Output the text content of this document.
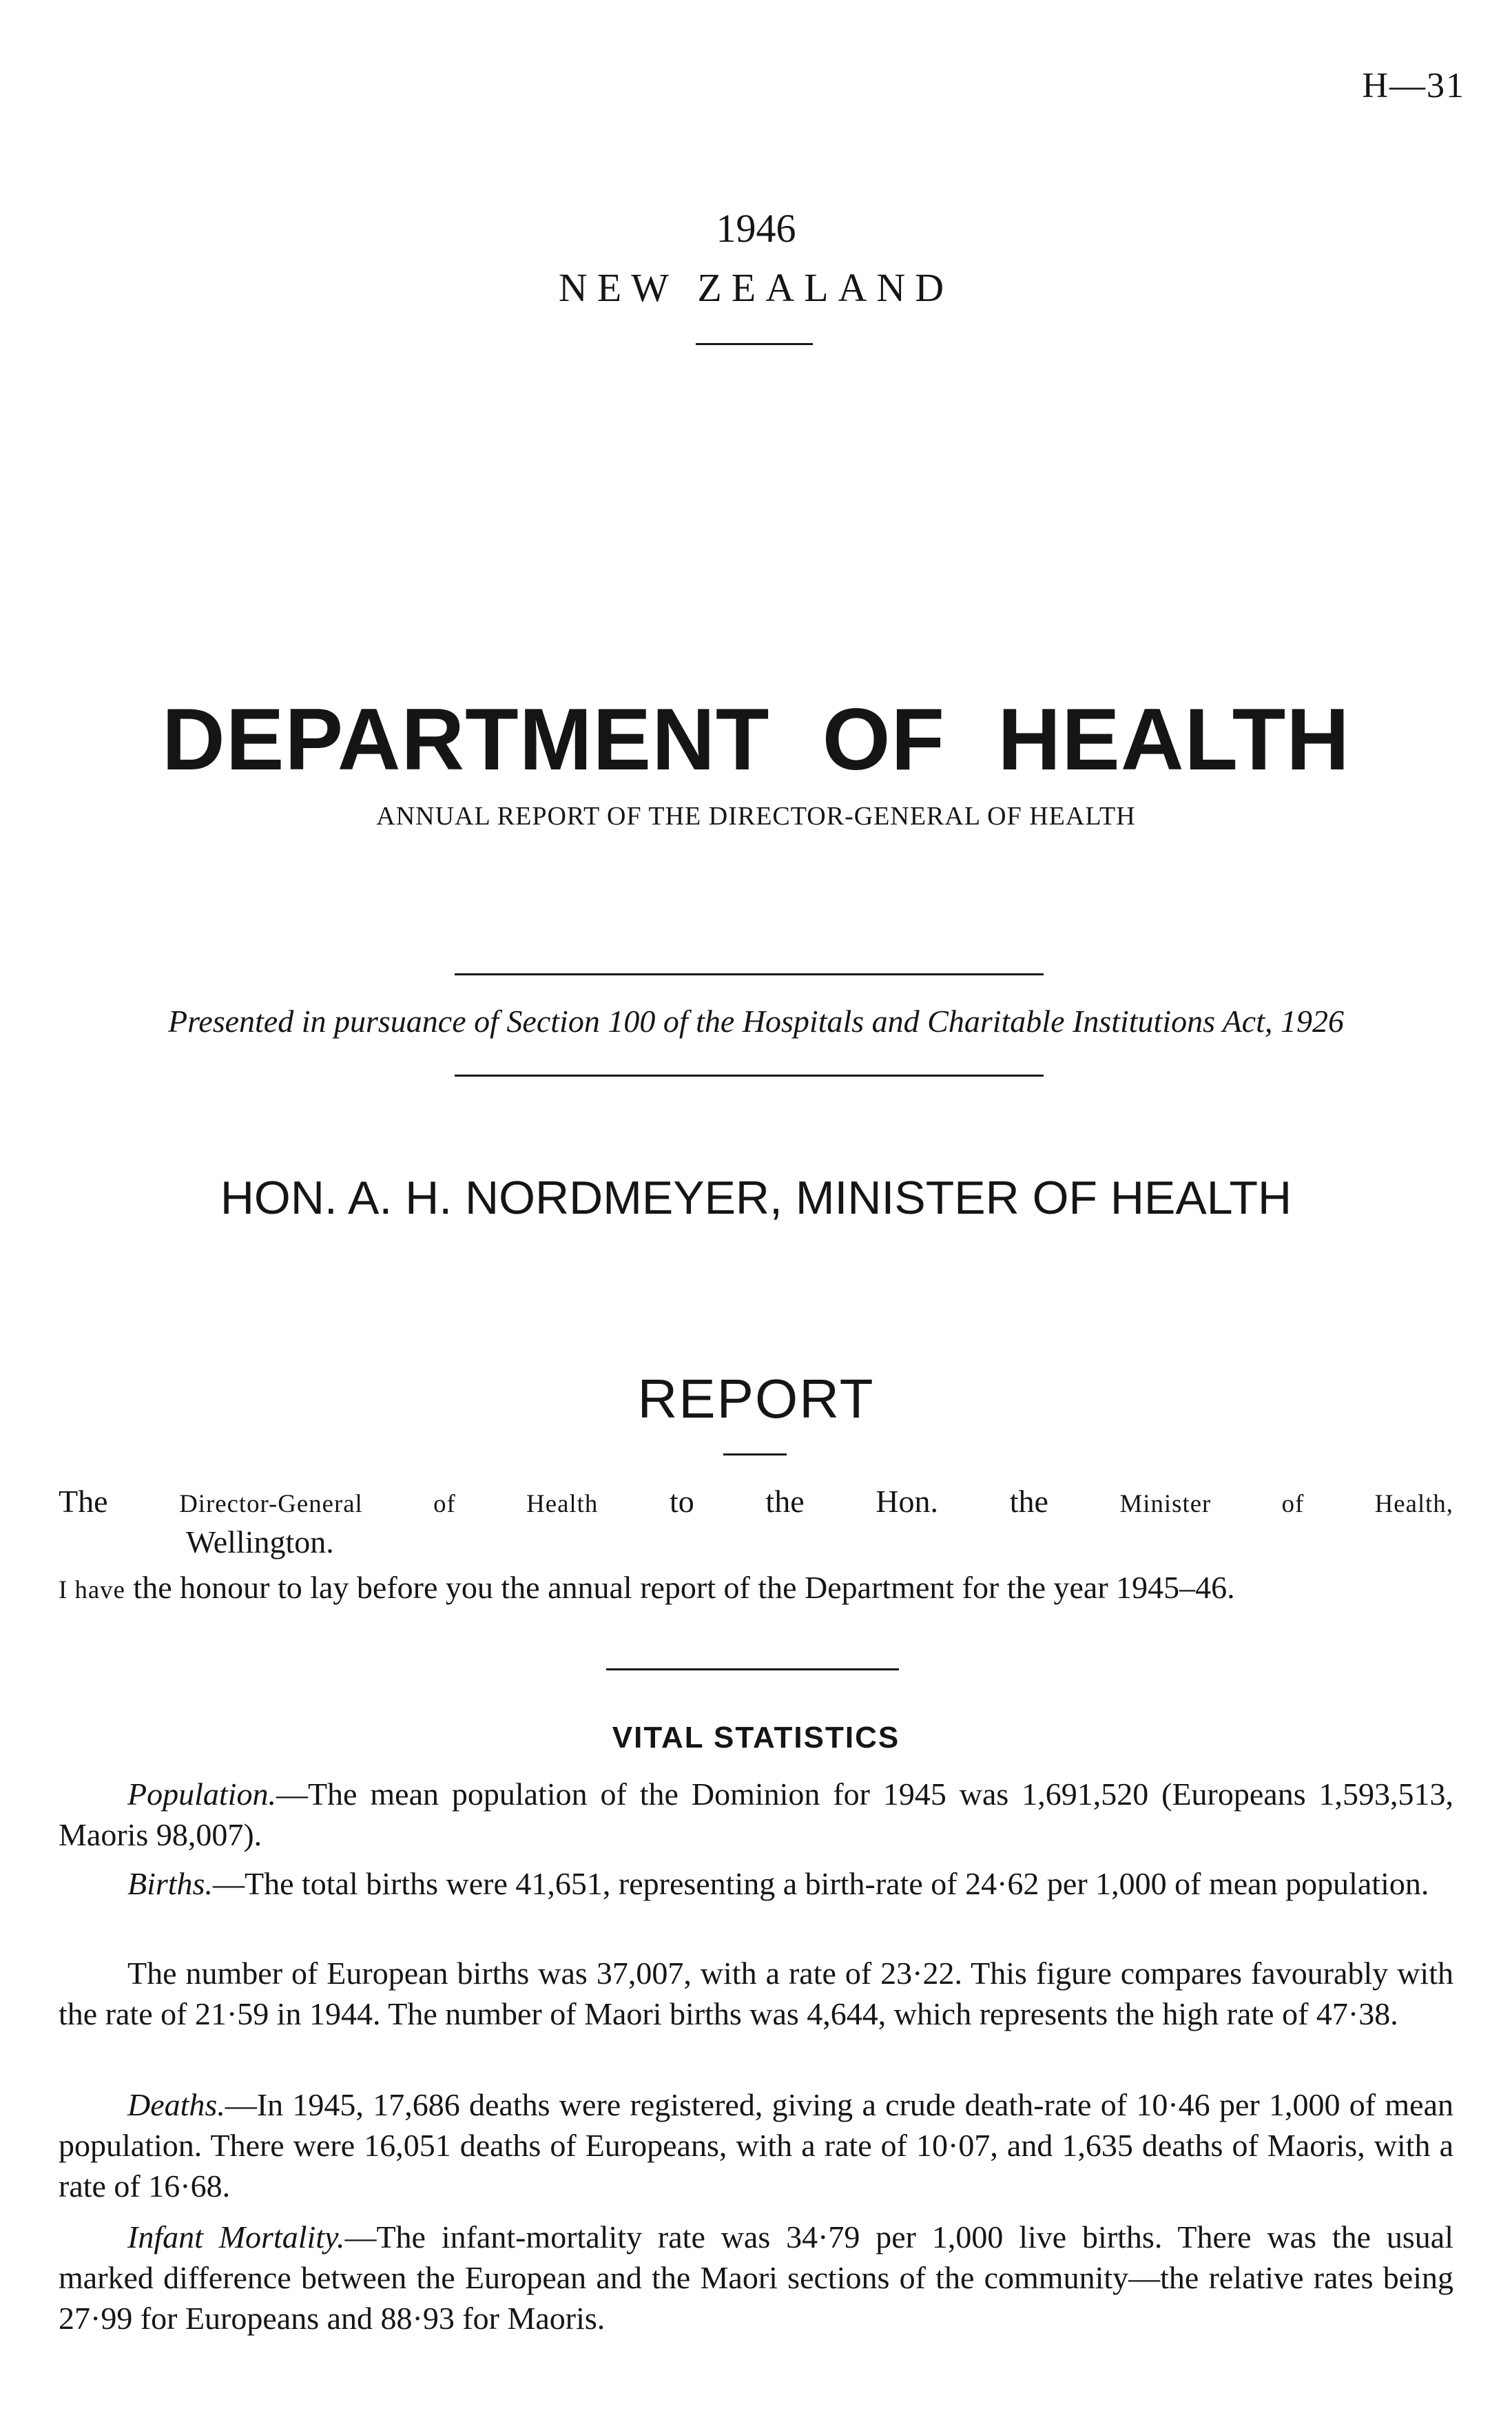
H—31
1946
NEW ZEALAND
DEPARTMENT OF HEALTH
ANNUAL REPORT OF THE DIRECTOR-GENERAL OF HEALTH
Presented in pursuance of Section 100 of the Hospitals and Charitable Institutions Act, 1926
HON. A. H. NORDMEYER, MINISTER OF HEALTH
REPORT
The	Director-General of Health to the Hon. the	Minister of Health,
Wellington.
I have the honour to lay before you the annual report of the Department for the year 1945–46.
VITAL STATISTICS
Population.—The mean population of the Dominion for 1945 was 1,691,520 (Europeans 1,593,513, Maoris 98,007).
Births.—The total births were 41,651, representing a birth-rate of 24·62 per 1,000 of mean population.
The number of European births was 37,007, with a rate of 23·22. This figure compares favourably with the rate of 21·59 in 1944. The number of Maori births was 4,644, which represents the high rate of 47·38.
Deaths.—In 1945, 17,686 deaths were registered, giving a crude death-rate of 10·46 per 1,000 of mean population. There were 16,051 deaths of Europeans, with a rate of 10·07, and 1,635 deaths of Maoris, with a rate of 16·68.
Infant Mortality.—The infant-mortality rate was 34·79 per 1,000 live births. There was the usual marked difference between the European and the Maori sections of the community—the relative rates being 27·99 for Europeans and 88·93 for Maoris.
